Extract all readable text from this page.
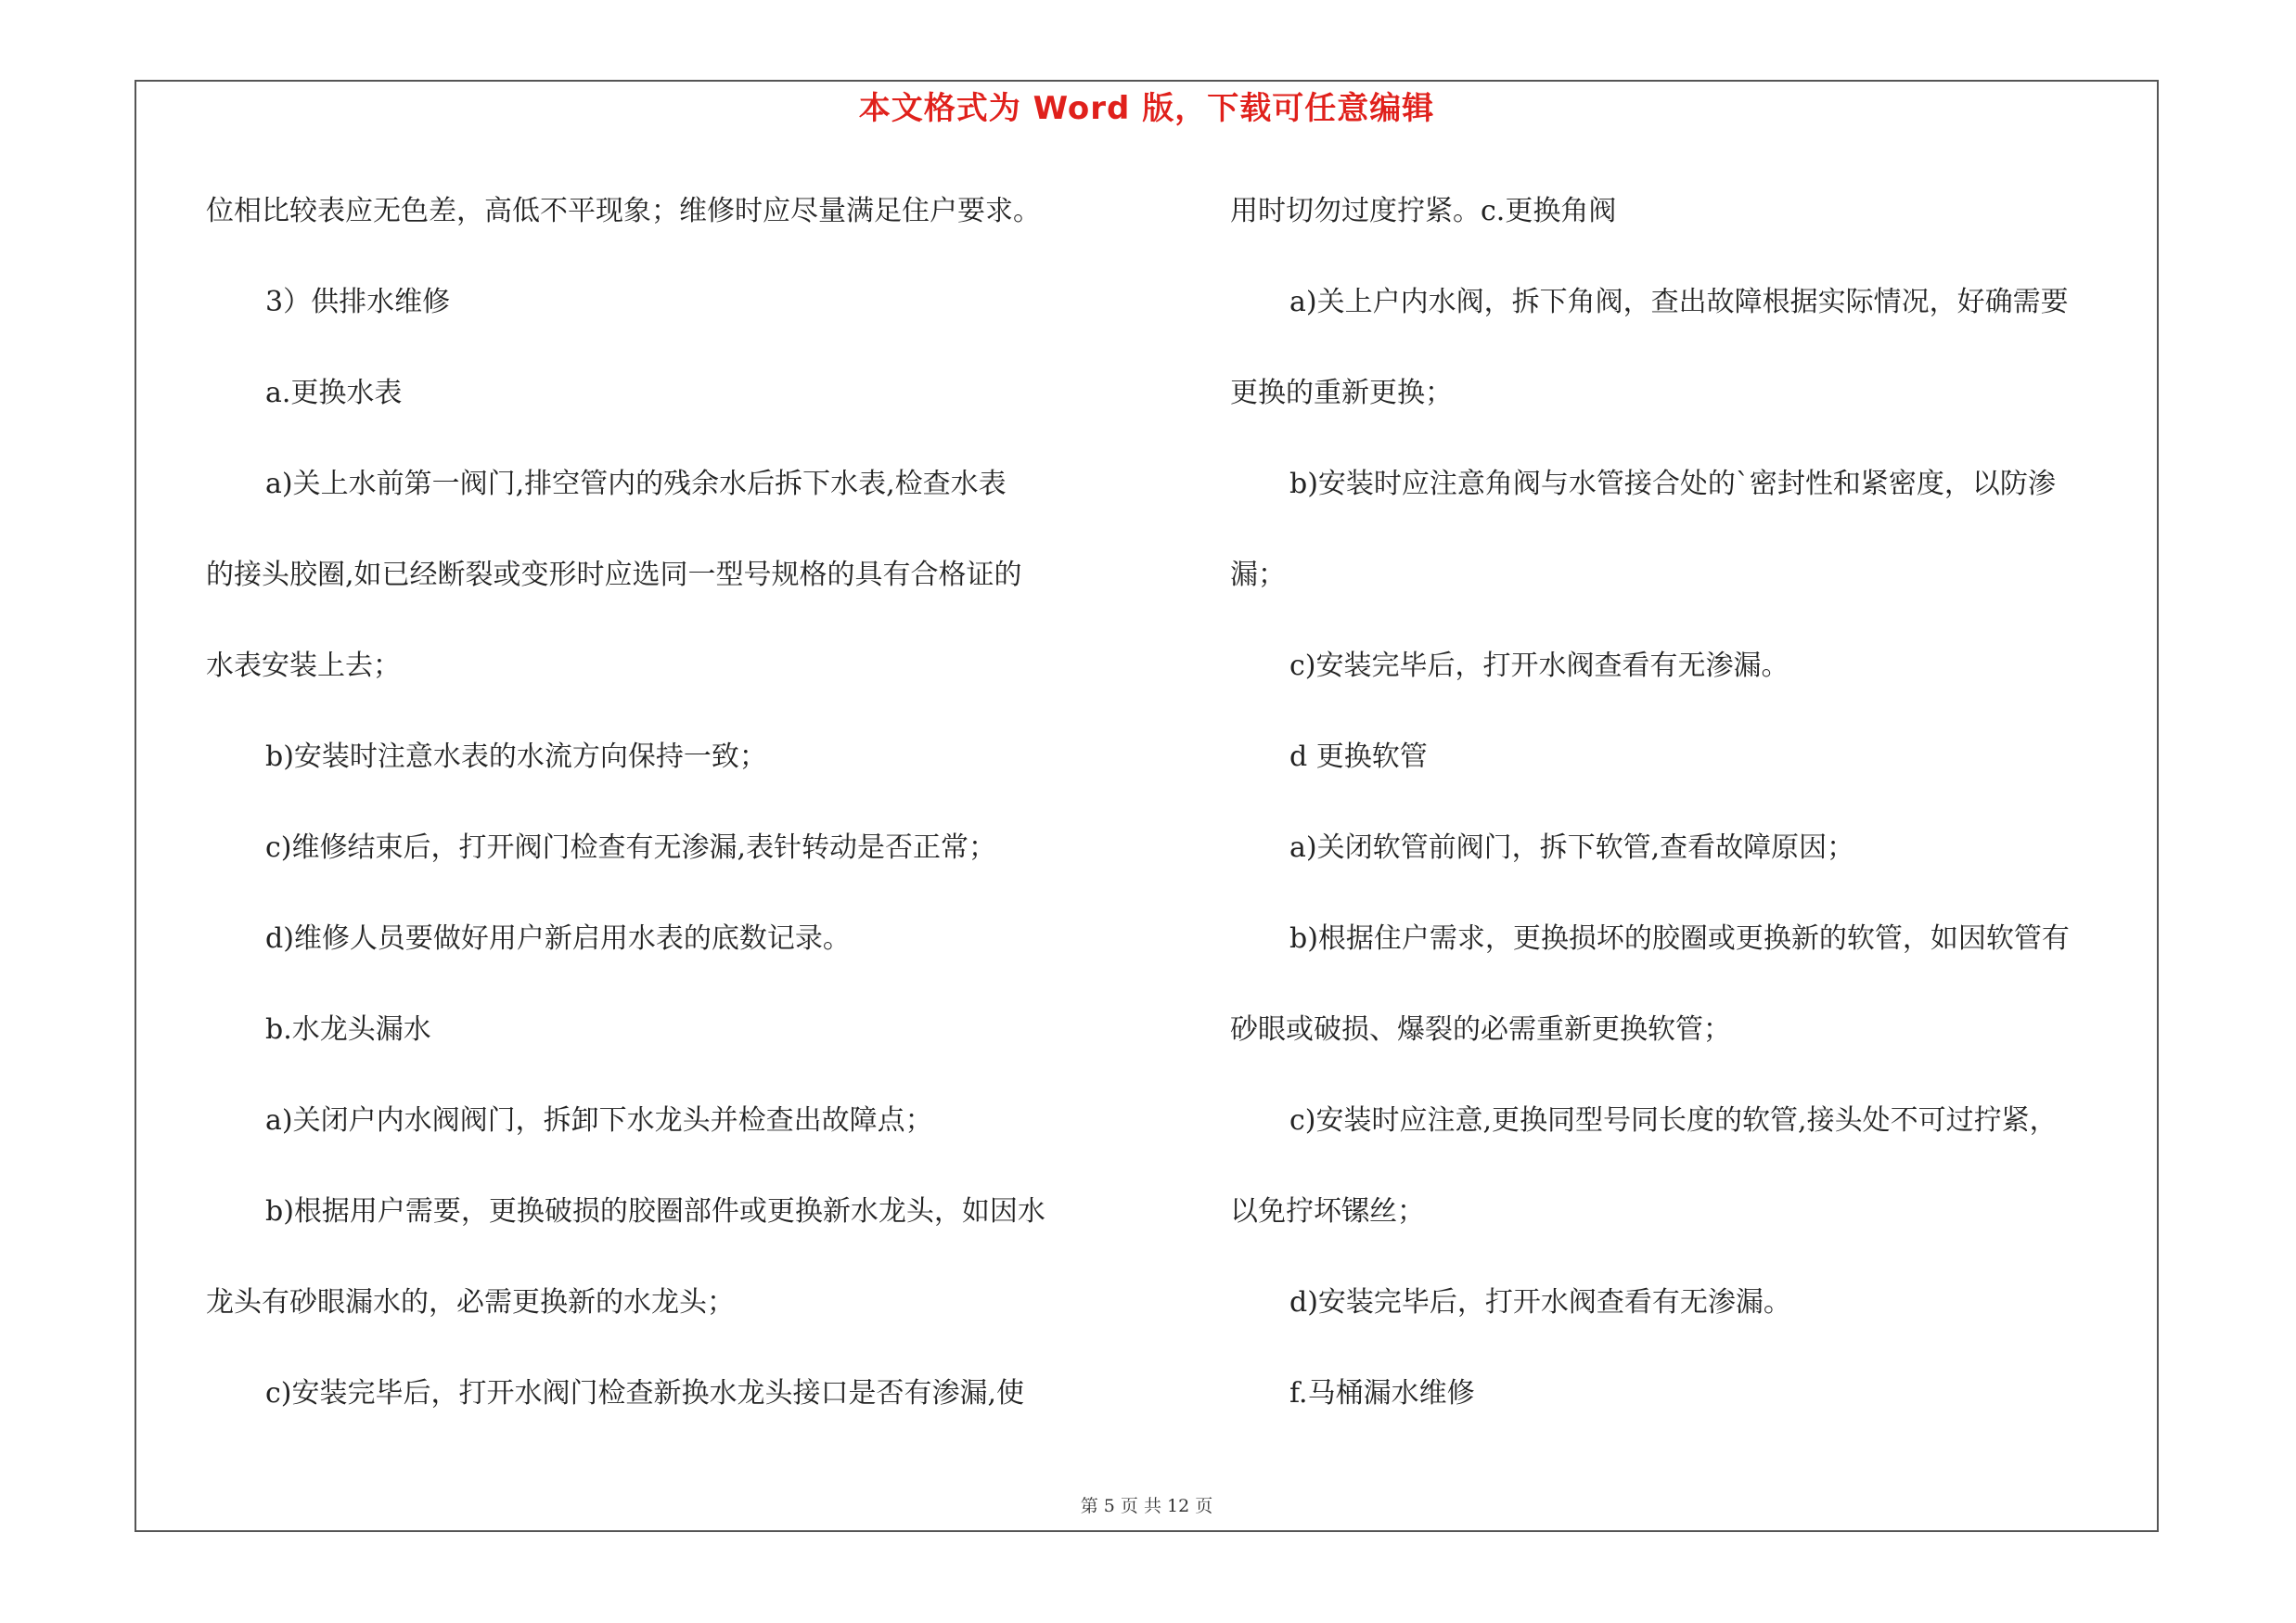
本文格式为 Word 版，下载可任意编辑
位相比较表应无色差，高低不平现象；维修时应尽量满足住户要求。
3）供排水维修
a.更换水表
a)关上水前第一阀门,排空管内的残余水后拆下水表,检查水表
的接头胶圈,如已经断裂或变形时应选同一型号规格的具有合格证的
水表安装上去；
b)安装时注意水表的水流方向保持一致；
c)维修结束后，打开阀门检查有无渗漏,表针转动是否正常；
d)维修人员要做好用户新启用水表的底数记录。
b.水龙头漏水
a)关闭户内水阀阀门，拆卸下水龙头并检查出故障点；
b)根据用户需要，更换破损的胶圈部件或更换新水龙头，如因水
龙头有砂眼漏水的，必需更换新的水龙头；
c)安装完毕后，打开水阀门检查新换水龙头接口是否有渗漏,使
用时切勿过度拧紧。c.更换角阀
a)关上户内水阀，拆下角阀，查出故障根据实际情况，好确需要
更换的重新更换；
b)安装时应注意角阀与水管接合处的`密封性和紧密度，以防渗
漏；
c)安装完毕后，打开水阀查看有无渗漏。
d 更换软管
a)关闭软管前阀门，拆下软管,查看故障原因；
b)根据住户需求，更换损坏的胶圈或更换新的软管，如因软管有
砂眼或破损、爆裂的必需重新更换软管；
c)安装时应注意,更换同型号同长度的软管,接头处不可过拧紧，
以免拧坏镙丝；
d)安装完毕后，打开水阀查看有无渗漏。
f.马桶漏水维修
第 5 页 共 12 页
